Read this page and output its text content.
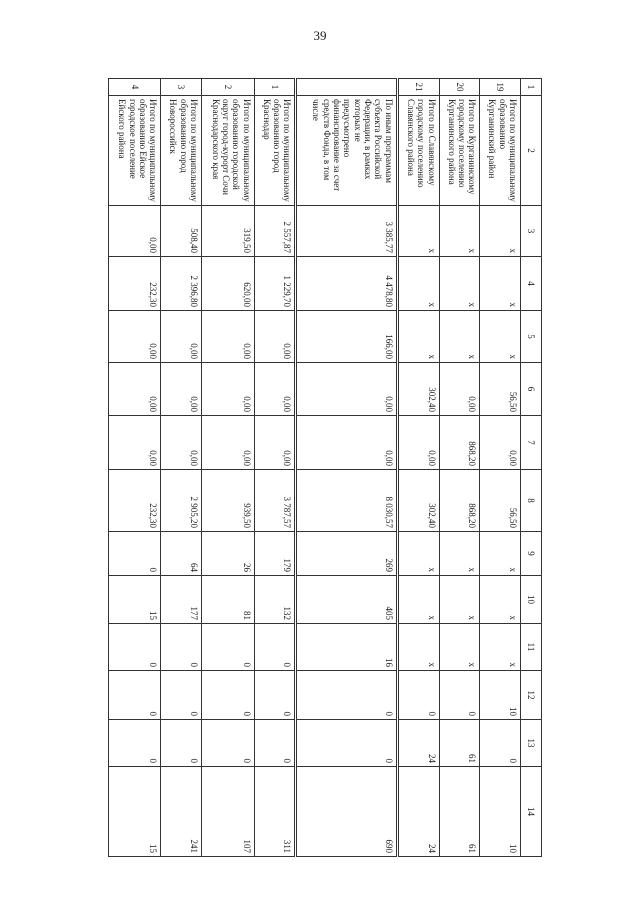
39
1	2	3	4	5	6	7	8	9	10	11	12	13	14
19	Итого по муниципальному образованию Курганинский район	х	х	х	56,50	0,00	56,50	х	х	х	10	0	10
20	Итого по Курганинскому городскому поселению Курганинского района	х	х	х	0,00	868,20	868,20	х	х	х	0	61	61
21	Итого по Славянскому городскому поселению Славянского района	х	х	х	302,40	0,00	302,40	х	х	х	0	24	24
	По иным программам субъекта Российской Федерации, в рамках которых не предусмотрено финансирование за счет средств Фонда, в том числе	3 385,77	4 478,80	166,00	0,00	0,00	8 030,57	269	405	16	0	0	690
1	Итого по муниципальному образованию город Краснодар	2 557,87	1 229,70	0,00	0,00	0,00	3 787,57	179	132	0	0	0	311
2	Итого по муниципальному образованию городской округ город-курорт Сочи Краснодарского края	319,50	620,00	0,00	0,00	0,00	939,50	26	81	0	0	0	107
3	Итого по муниципальному образованию город Новороссийск	508,40	2 396,80	0,00	0,00	0,00	2 905,20	64	177	0	0	0	241
4	Итого по муниципальному образованию Ейское городское поселение Ейского района	0,00	232,30	0,00	0,00	0,00	232,30	0	15	0	0	0	15
